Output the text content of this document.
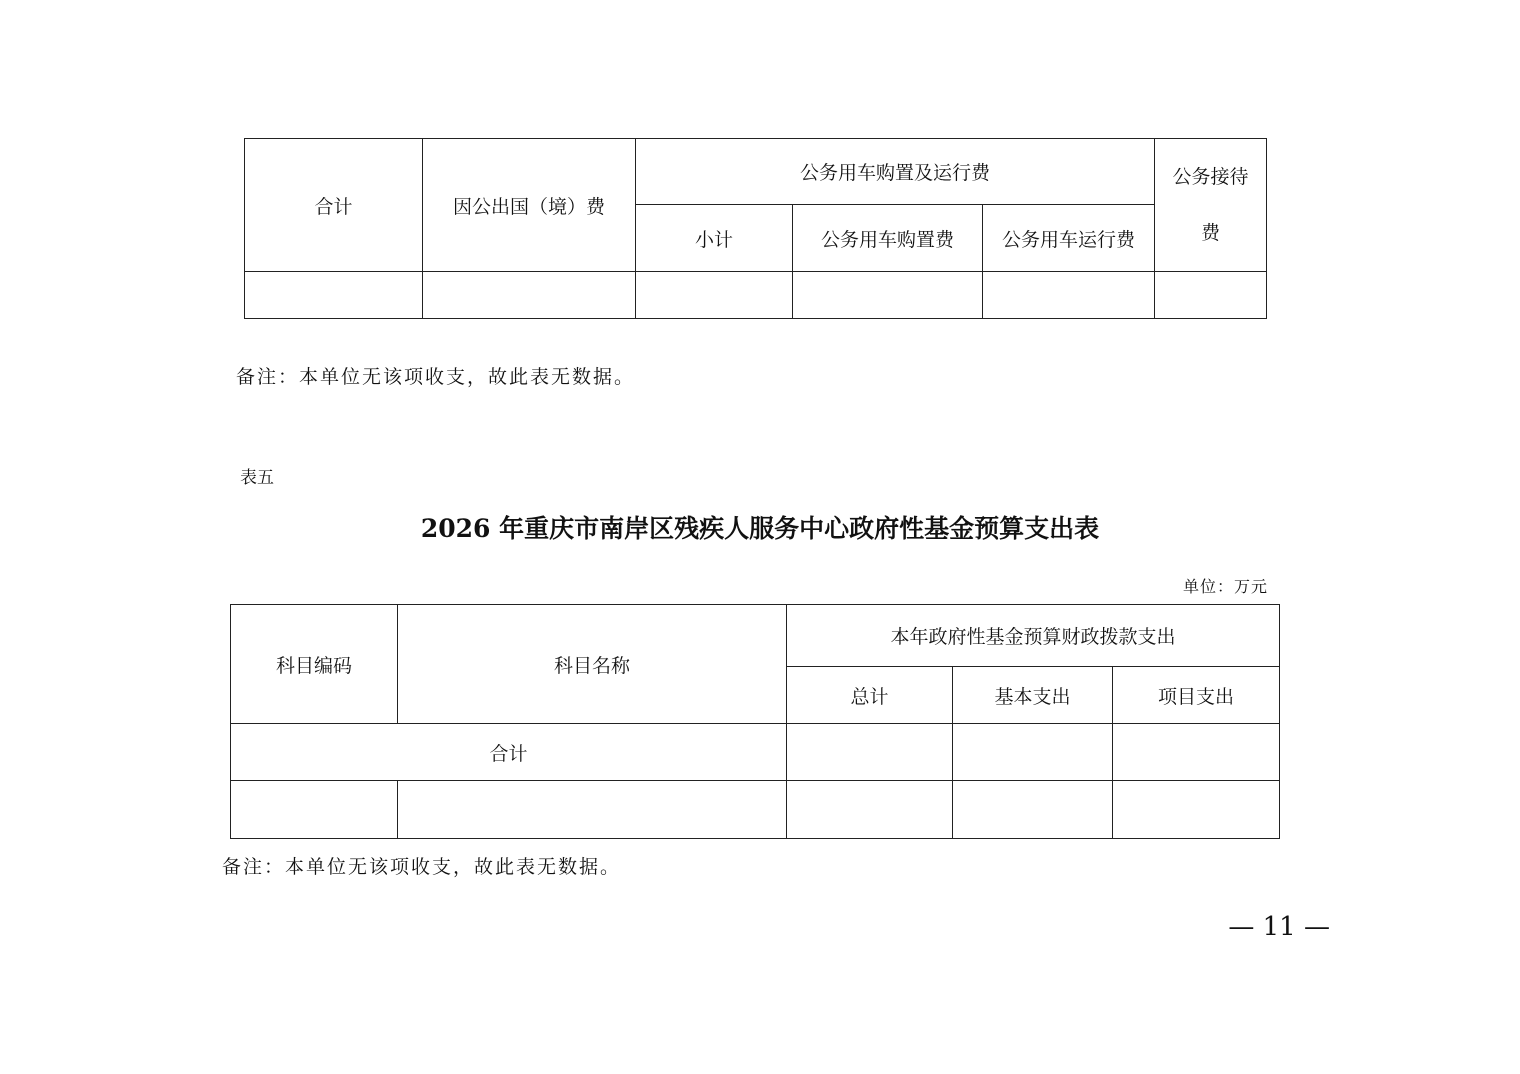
合计	因公出国（境）费	公务用车购置及运行费			公务接待
费

		小计	公务用车购置费	公务用车运行费	

备注：本单位无该项收支，故此表无数据。
表五
2026 年重庆市南岸区残疾人服务中心政府性基金预算支出表
单位：万元
科目编码	科目名称	本年政府性基金预算财政拨款支出		
		总计	基本支出	项目支出
合计				

备注：本单位无该项收支，故此表无数据。
— 11 —
